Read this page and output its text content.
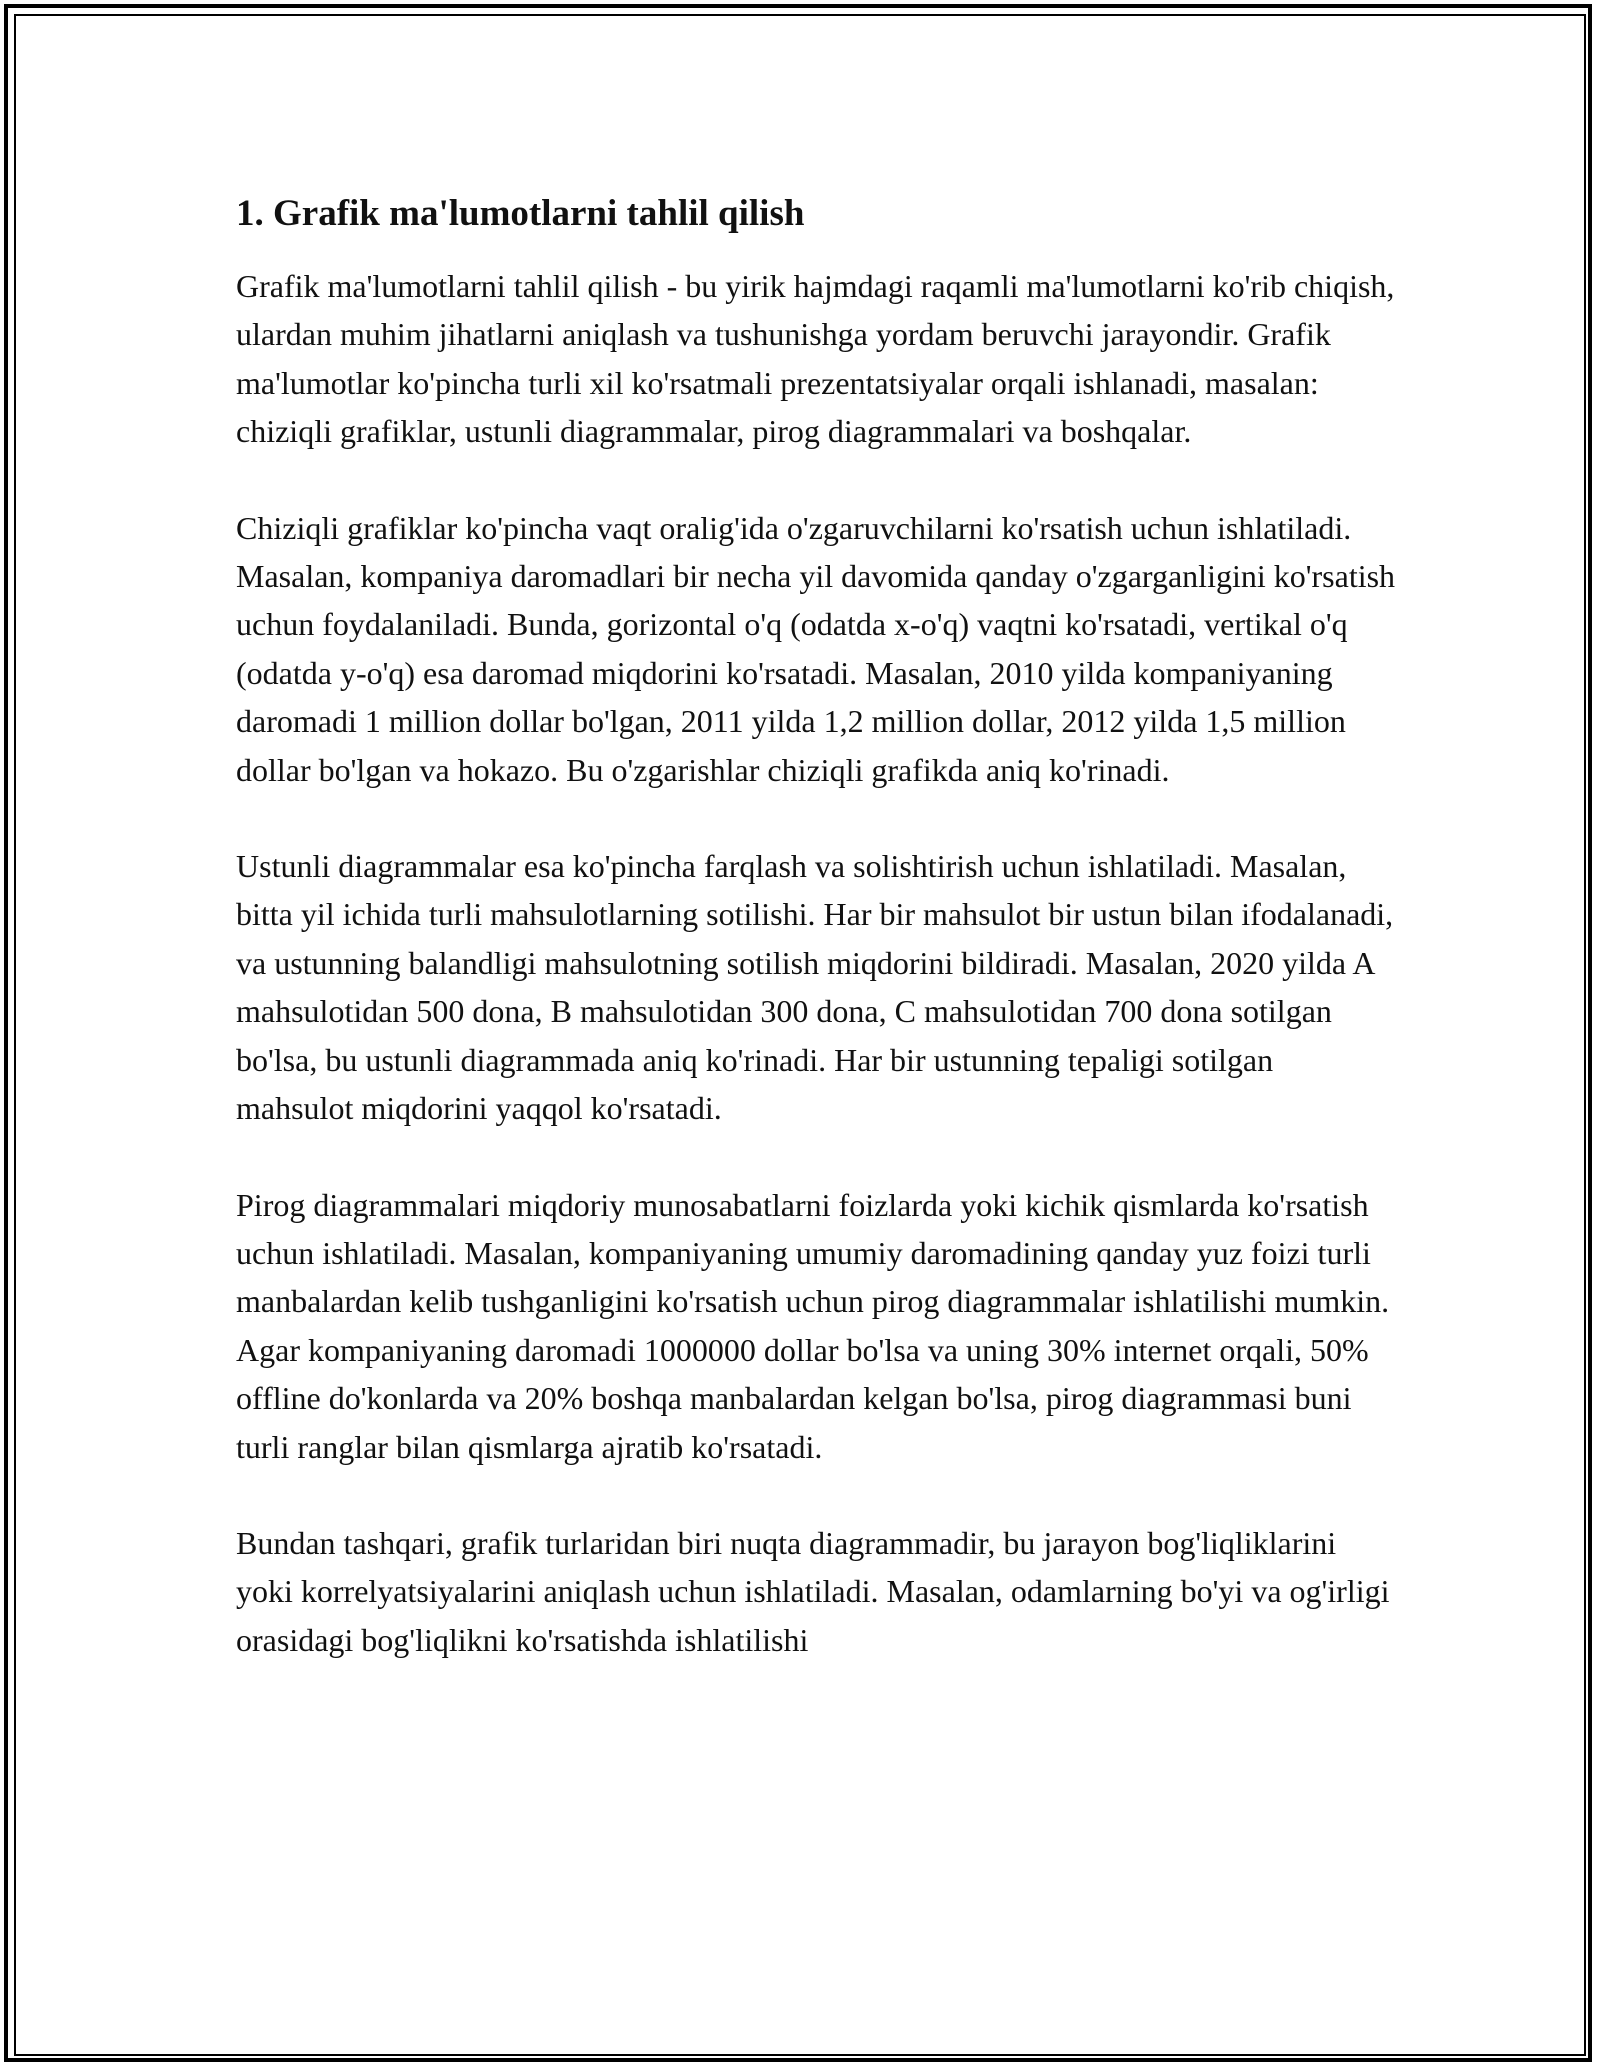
1. Grafik ma'lumotlarni tahlil qilish

Grafik ma'lumotlarni tahlil qilish - bu yirik hajmdagi raqamli ma'lumotlarni ko'rib chiqish, ulardan muhim jihatlarni aniqlash va tushunishga yordam beruvchi jarayondir. Grafik ma'lumotlar ko'pincha turli xil ko'rsatmali prezentatsiyalar orqali ishlanadi, masalan: chiziqli grafiklar, ustunli diagrammalar, pirog diagrammalari va boshqalar.

Chiziqli grafiklar ko'pincha vaqt oralig'ida o'zgaruvchilarni ko'rsatish uchun ishlatiladi. Masalan, kompaniya daromadlari bir necha yil davomida qanday o'zgarganligini ko'rsatish uchun foydalaniladi. Bunda, gorizontal o'q (odatda x-o'q) vaqtni ko'rsatadi, vertikal o'q (odatda y-o'q) esa daromad miqdorini ko'rsatadi. Masalan, 2010 yilda kompaniyaning daromadi 1 million dollar bo'lgan, 2011 yilda 1,2 million dollar, 2012 yilda 1,5 million dollar bo'lgan va hokazo. Bu o'zgarishlar chiziqli grafikda aniq ko'rinadi.

Ustunli diagrammalar esa ko'pincha farqlash va solishtirish uchun ishlatiladi. Masalan, bitta yil ichida turli mahsulotlarning sotilishi. Har bir mahsulot bir ustun bilan ifodalanadi, va ustunning balandligi mahsulotning sotilish miqdorini bildiradi. Masalan, 2020 yilda A mahsulotidan 500 dona, B mahsulotidan 300 dona, C mahsulotidan 700 dona sotilgan bo'lsa, bu ustunli diagrammada aniq ko'rinadi. Har bir ustunning tepaligi sotilgan mahsulot miqdorini yaqqol ko'rsatadi.

Pirog diagrammalari miqdoriy munosabatlarni foizlarda yoki kichik qismlarda ko'rsatish uchun ishlatiladi. Masalan, kompaniyaning umumiy daromadining qanday yuz foizi turli manbalardan kelib tushganligini ko'rsatish uchun pirog diagrammalar ishlatilishi mumkin. Agar kompaniyaning daromadi 1000000 dollar bo'lsa va uning 30% internet orqali, 50% offline do'konlarda va 20% boshqa manbalardan kelgan bo'lsa, pirog diagrammasi buni turli ranglar bilan qismlarga ajratib ko'rsatadi.

Bundan tashqari, grafik turlaridan biri nuqta diagrammadir, bu jarayon bog'liqliklarini yoki korrelyatsiyalarini aniqlash uchun ishlatiladi. Masalan, odamlarning bo'yi va og'irligi orasidagi bog'liqlikni ko'rsatishda ishlatilishi
